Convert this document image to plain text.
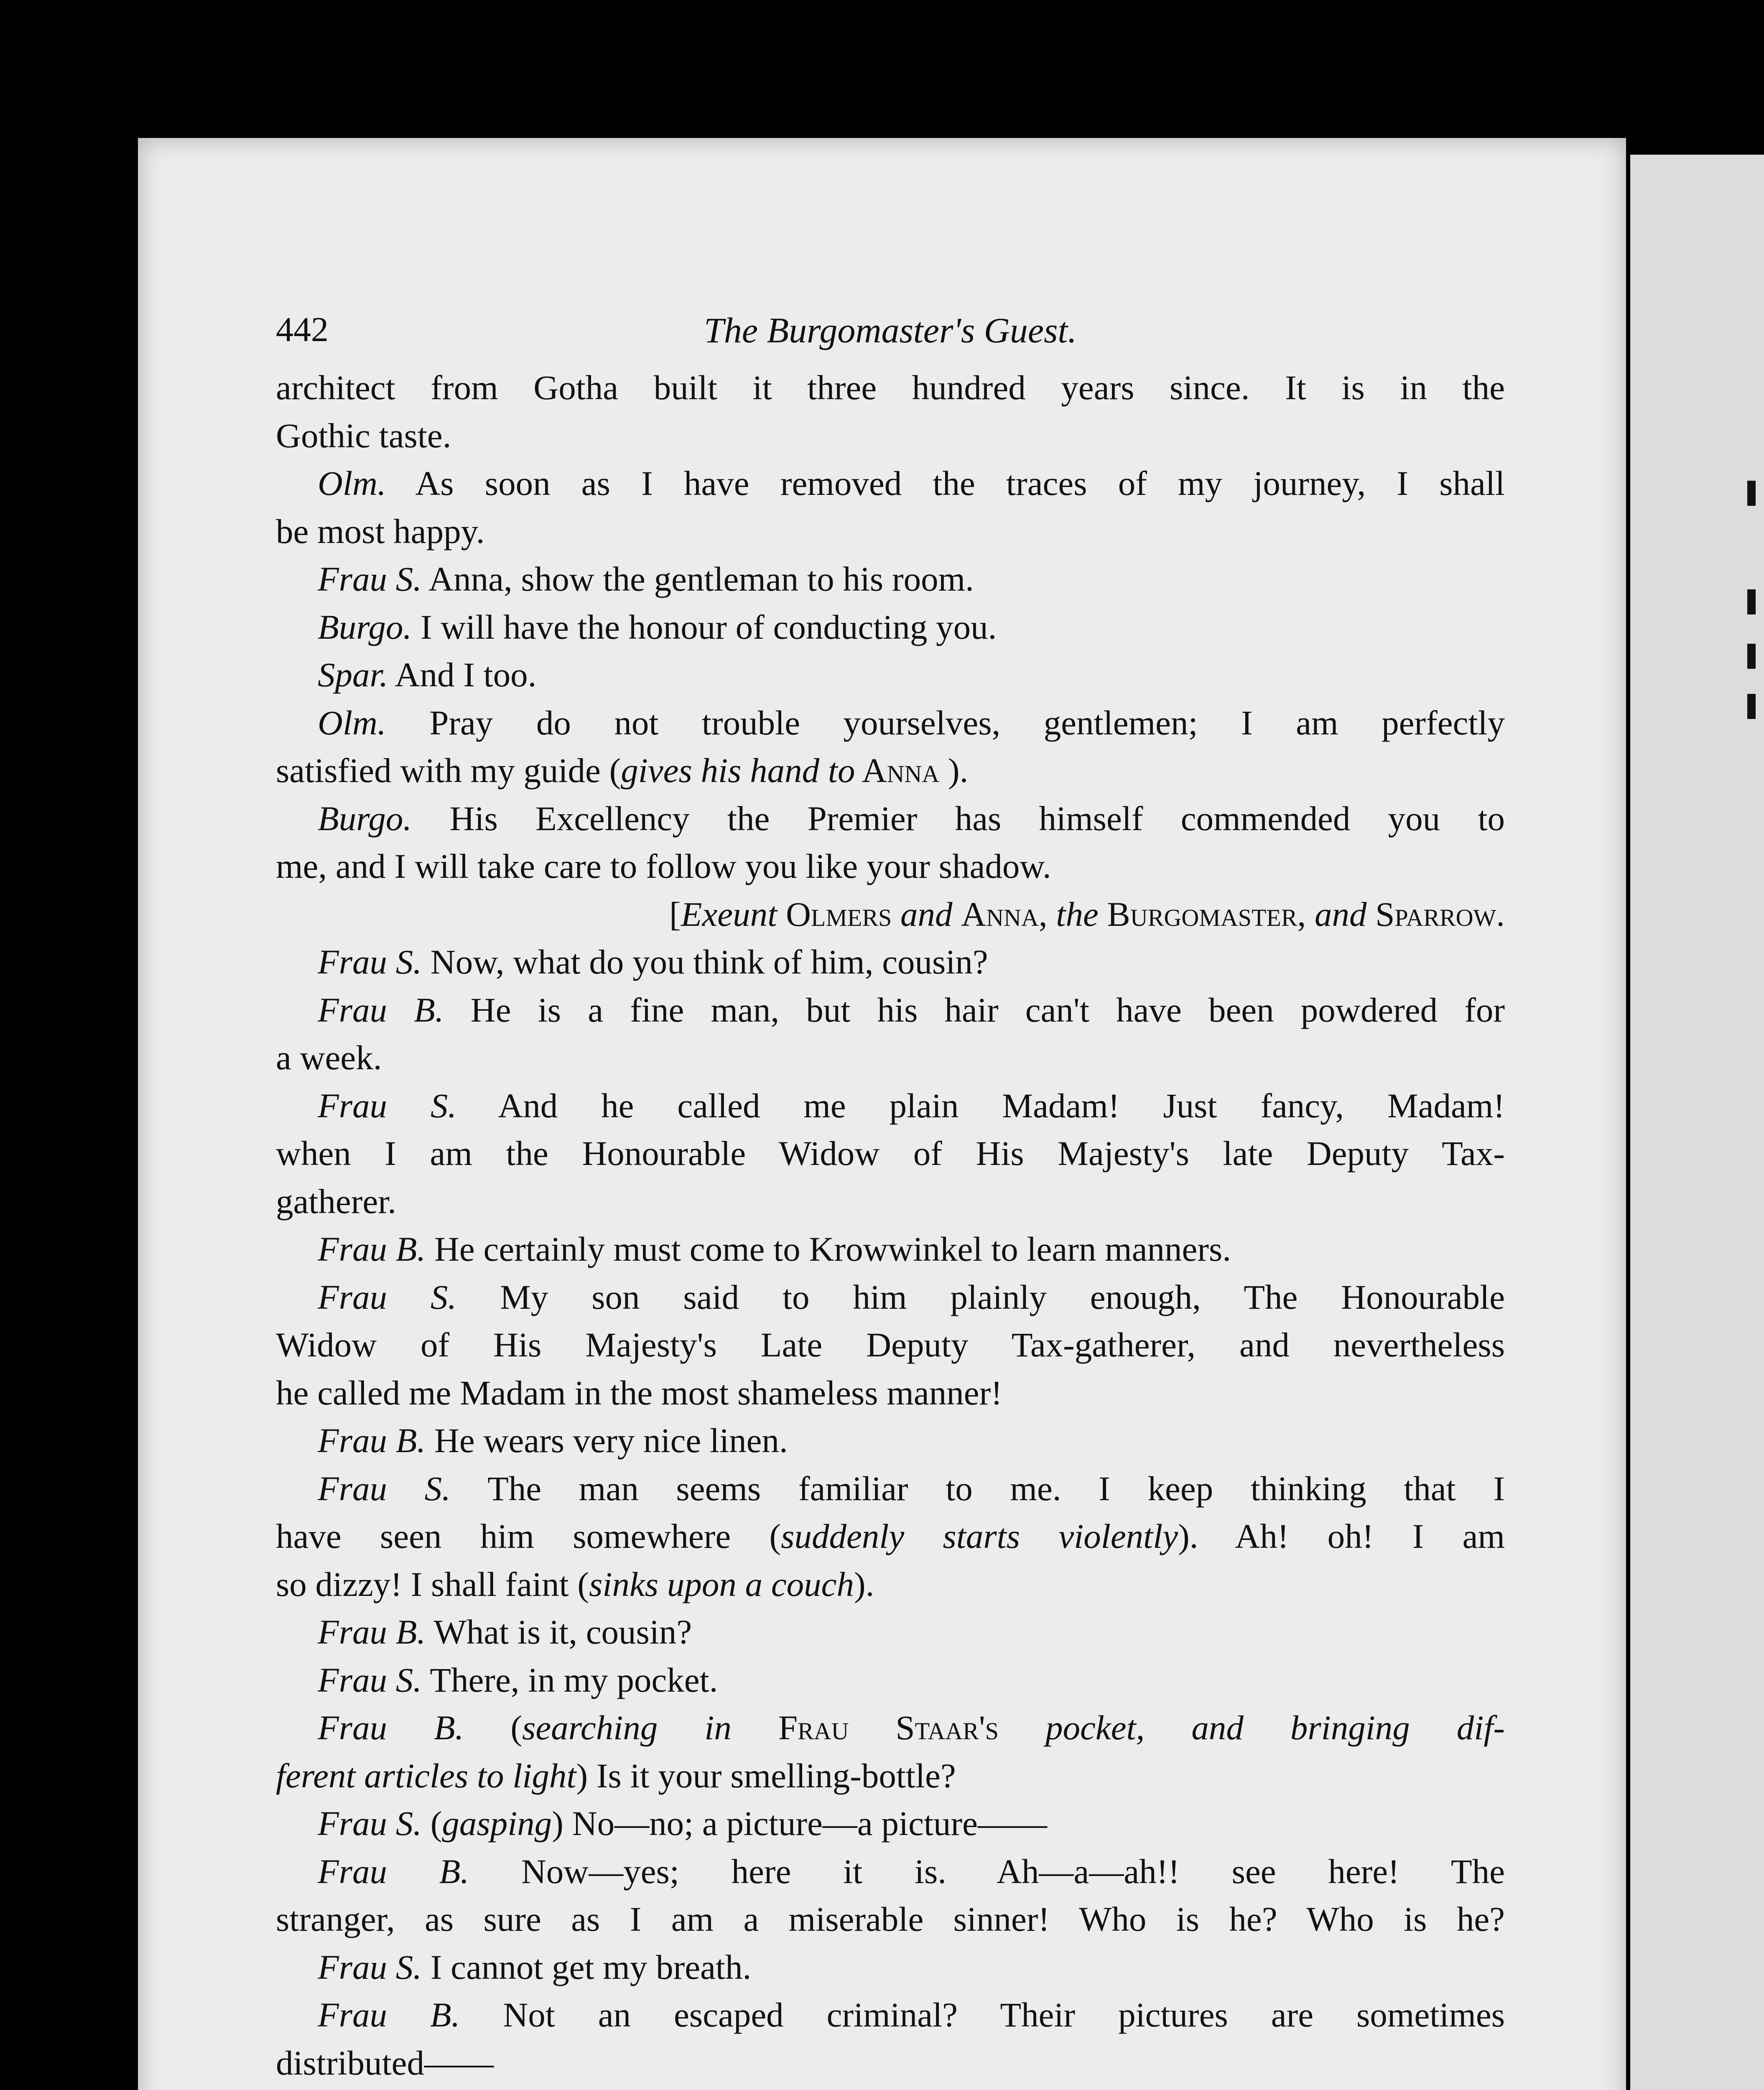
442	The Burgomaster's Guest.
architect from Gotha built it three hundred years since. It is in the
Gothic taste.
Olm. As soon as I have removed the traces of my journey, I shall
be most happy.
Frau S. Anna, show the gentleman to his room.
Burgo. I will have the honour of conducting you.
Spar. And I too.
Olm. Pray do not trouble yourselves, gentlemen; I am perfectly
satisfied with my guide (gives his hand to Anna ).
Burgo. His Excellency the Premier has himself commended you to
me, and I will take care to follow you like your shadow.
[Exeunt Olmers and Anna, the Burgomaster, and Sparrow.
Frau S. Now, what do you think of him, cousin?
Frau B. He is a fine man, but his hair can't have been powdered for
a week.
Frau S. And he called me plain Madam! Just fancy, Madam!
when I am the Honourable Widow of His Majesty's late Deputy Tax-
gatherer.
Frau B. He certainly must come to Krowwinkel to learn manners.
Frau S. My son said to him plainly enough, The Honourable
Widow of His Majesty's Late Deputy Tax-gatherer, and nevertheless
he called me Madam in the most shameless manner!
Frau B. He wears very nice linen.
Frau S. The man seems familiar to me. I keep thinking that I
have seen him somewhere (suddenly starts violently). Ah! oh! I am
so dizzy! I shall faint (sinks upon a couch).
Frau B. What is it, cousin?
Frau S. There, in my pocket.
Frau B. (searching in Frau Staar's pocket, and bringing dif-
ferent articles to light) Is it your smelling-bottle?
Frau S. (gasping) No—no; a picture—a picture——
Frau B. Now—yes; here it is. Ah—a—ah!! see here! The
stranger, as sure as I am a miserable sinner! Who is he? Who is he?
Frau S. I cannot get my breath.
Frau B. Not an escaped criminal? Their pictures are sometimes
distributed——
